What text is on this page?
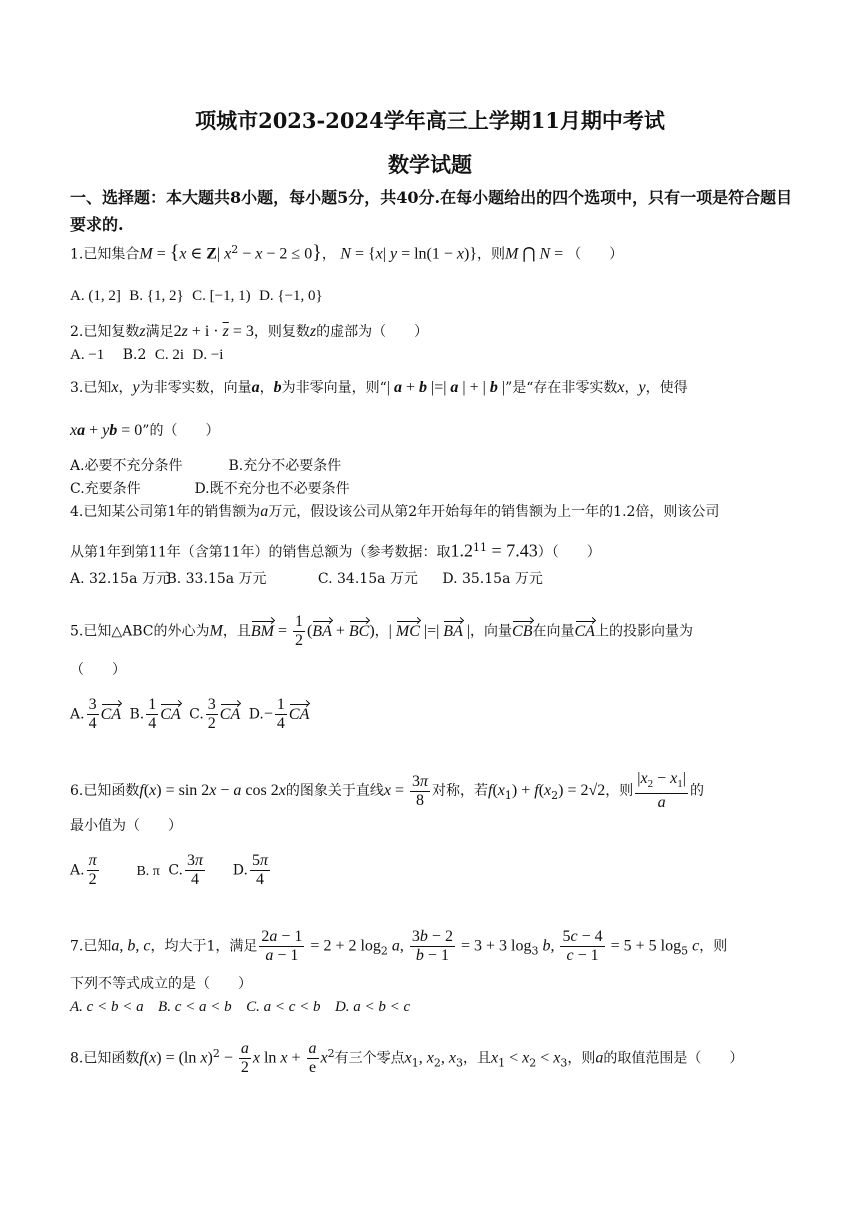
项城市2023-2024学年高三上学期11月期中考试
数学试题
一、选择题：本大题共8小题，每小题5分，共40分.在每小题给出的四个选项中，只有一项是符合题目要求的.
1.已知集合M = {x ∈ Z| $x^2 - x - 2 \le 0$}， N = {x| y = ln(1 − x)}，则M ⋂ N = （　　）
A. (1, 2] B. {1, 2} C. [−1, 1) D. {−1, 0}
2.已知复数z满足$2z + i \cdot \overline{z} = 3$，则复数z的虚部为（　　）
A. −1 B.2 C. 2i D. −i
3.已知x，y为非零实数，向量a，b为非零向量，则“| a + b |=| a | + | b |”是“存在非零实数x，y，使得
xa + yb = 0”的（　　）
A.必要不充分条件	B.充分不必要条件
C.充要条件	D.既不充分也不必要条件
4.已知某公司第1年的销售额为a万元，假设该公司从第2年开始每年的销售额为上一年的1.2倍，则该公司
从第1年到第11年（含第11年）的销售总额为（参考数据：取$1.2^{11} = 7.43$）（　　）
A. 32.15a 万元 B. 33.15a 万元	C. 34.15a 万元 D. 35.15a 万元
5.已知△ABC的外心为M，且BM = $\frac{1}{2} (BA + BC)$，| MC |=| BA |，向量CB在向量CA上的投影向量为
（　　）
A. $\frac{3}{4}$ CA B. $\frac{1}{4}$ CA C. $\frac{3}{2}$ CA $D.- \frac{1}{4}$ CA
6.已知函数f(x) = sin 2x − a cos 2x的图象关于直线$x = \frac{3\pi}{8}$ 对称，若$f(x_1) + f(x_2) = 2√2$，则 $\frac{|x_2 - x_1|}{a}$ 的
最小值为（　　）
A. $\frac{\pi}{2}$	B. π C. $\frac{3\pi}{4} D$. $\frac{5\pi}{4}$
7.已知a, b, c，均大于1，满足 $\frac{2a - 1}{a - 1} = 2 + 2$ $\log_2 a$, $\frac{3b - 2}{b - 1} = 3 + 3$ $\log_3 b$, $\frac{5c - 4}{c - 1} = 5 + 5$ $\log_5 c$，则
下列不等式成立的是（　　）
A. c < b < a B. c < a < b C. a < c < b D. a < b < c
8.已知函数f(x) = (ln $x)^2 - \frac{a}{2}$ x $\ln x + \frac{a}{e} x^2$有三个零点$x_1$, $x_2$, $x_3$，且$x_1 < x_2 < x_3$，则a的取值范围是（　　）
